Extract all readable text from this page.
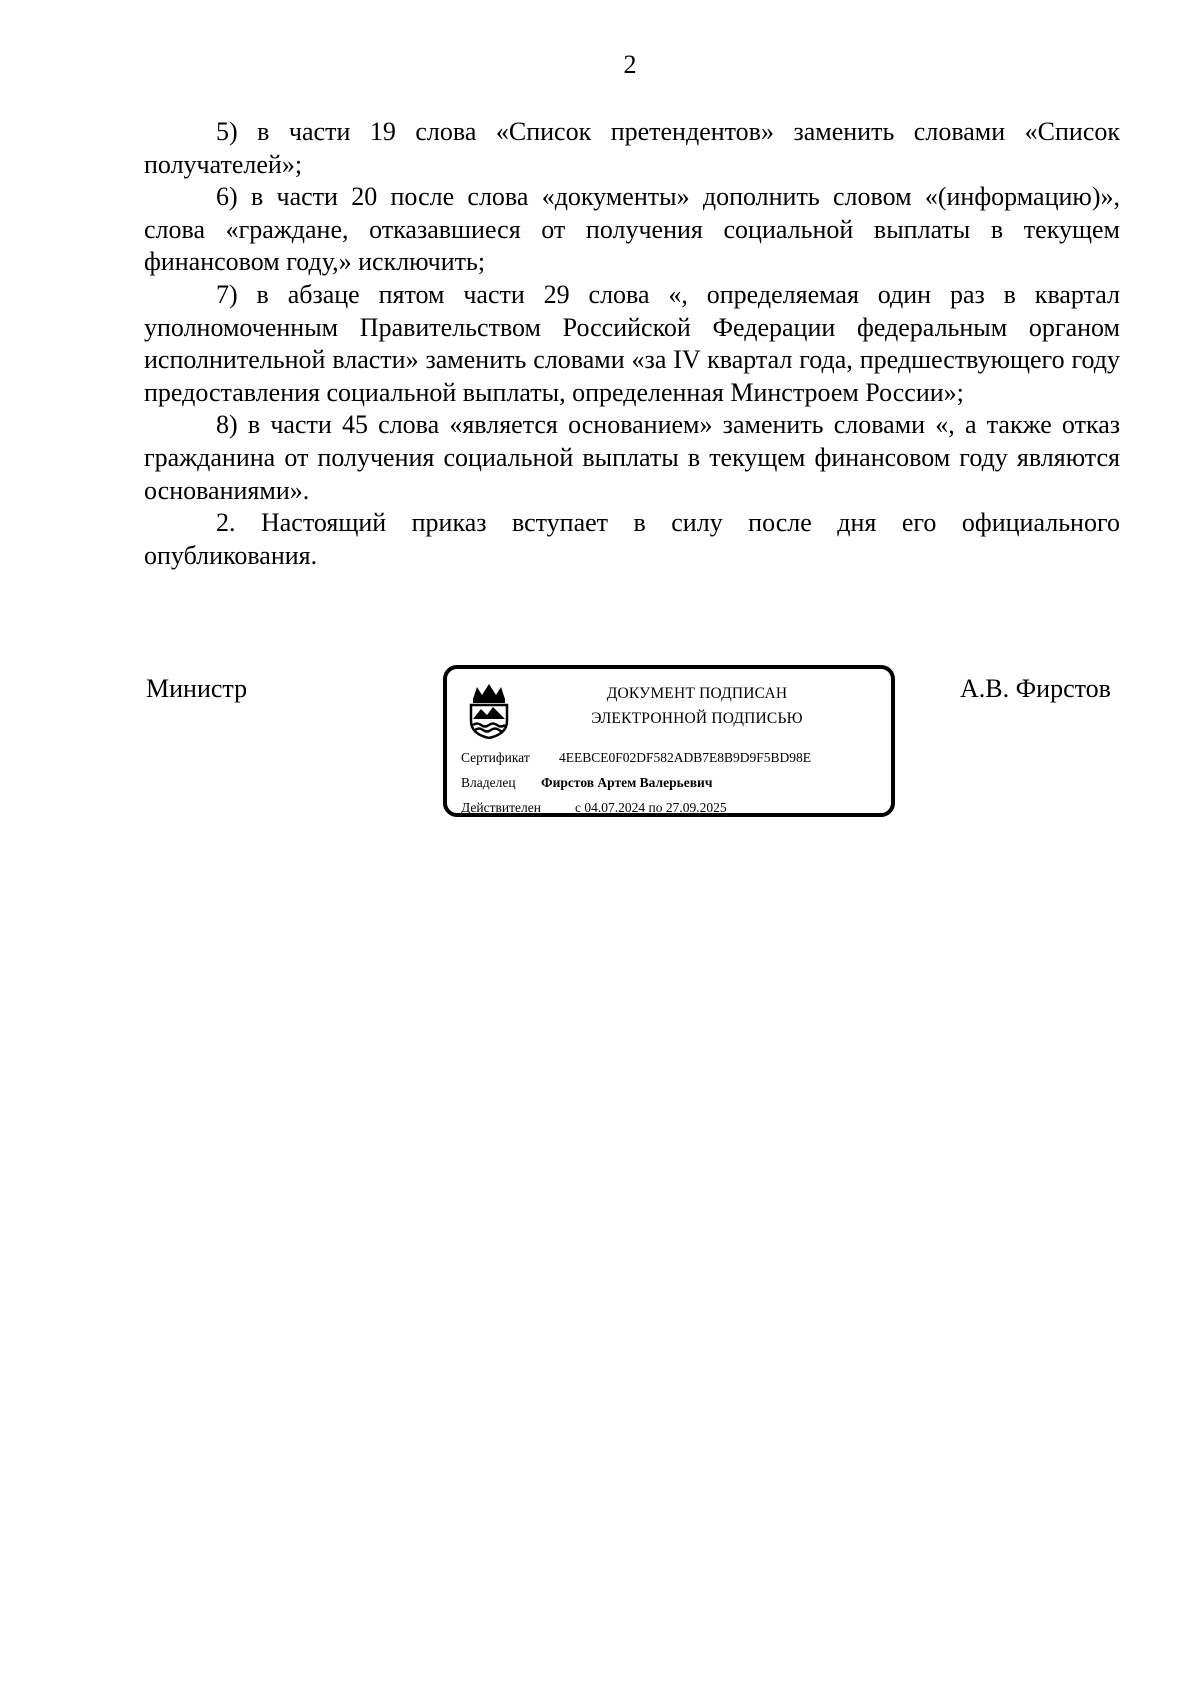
2

5) в части 19 слова «Список претендентов» заменить словами «Список получателей»;

6) в части 20 после слова «документы» дополнить словом «(информацию)», слова «граждане, отказавшиеся от получения социальной выплаты в текущем финансовом году,» исключить;

7) в абзаце пятом части 29 слова «, определяемая один раз в квартал уполномоченным Правительством Российской Федерации федеральным органом исполнительной власти» заменить словами «за IV квартал года, предшествующего году предоставления социальной выплаты, определенная Минстроем России»;

8) в части 45 слова «является основанием» заменить словами «, а также отказ гражданина от получения социальной выплаты в текущем финансовом году являются основаниями».

2. Настоящий приказ вступает в силу после дня его официального опубликования.

Министр	ДОКУМЕНТ ПОДПИСАН
ЭЛЕКТРОННОЙ ПОДПИСЬЮ
Сертификат 4EEBCE0F02DF582ADB7E8B9D9F5BD98E
Владелец Фирстов Артем Валерьевич
Действителен	с 04.07.2024 по 27.09.2025
А.В. Фирстов
